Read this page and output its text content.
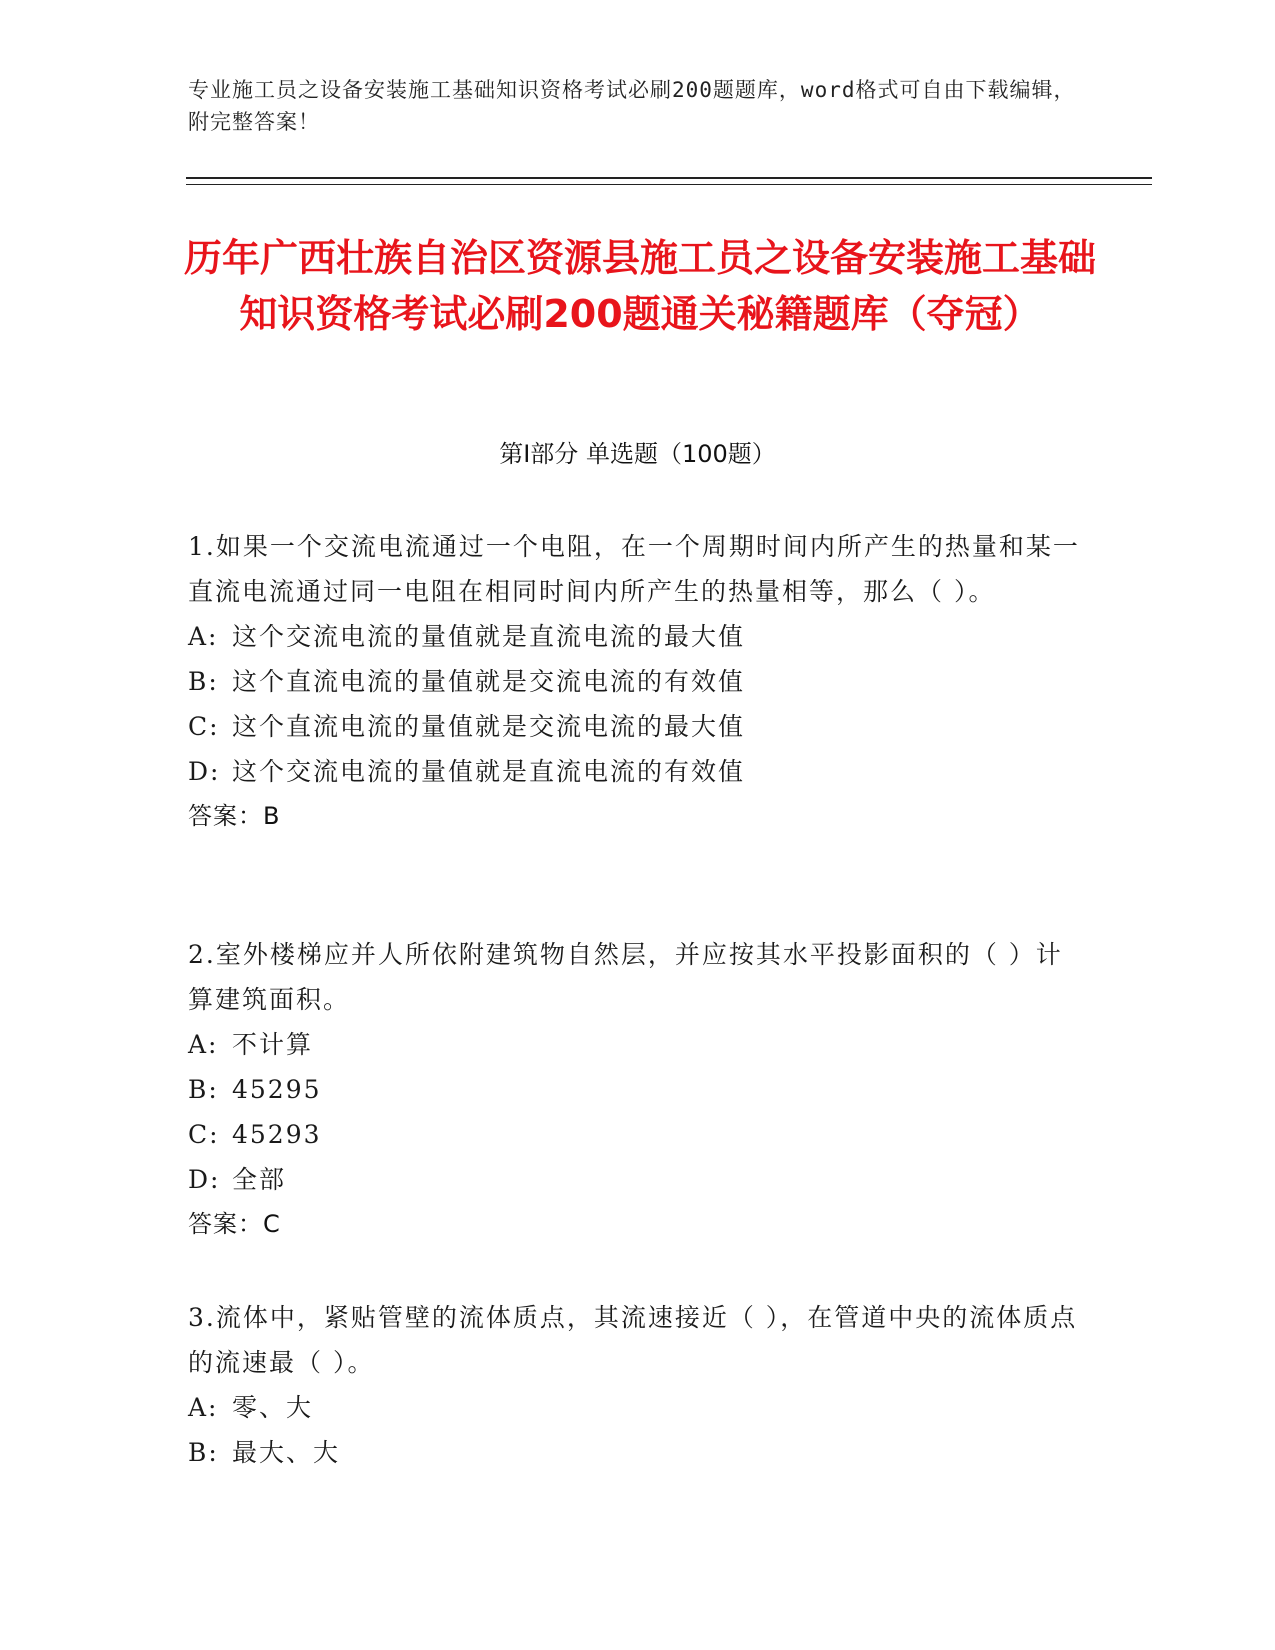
专业施工员之设备安装施工基础知识资格考试必刷200题题库，word格式可自由下载编辑，附完整答案！
历年广西壮族自治区资源县施工员之设备安装施工基础知识资格考试必刷200题通关秘籍题库（夺冠）
第Ⅰ部分 单选题（100题）
1.如果一个交流电流通过一个电阻，在一个周期时间内所产生的热量和某一直流电流通过同一电阻在相同时间内所产生的热量相等，那么（ ）。
A: 这个交流电流的量值就是直流电流的最大值
B: 这个直流电流的量值就是交流电流的有效值
C: 这个直流电流的量值就是交流电流的最大值
D: 这个交流电流的量值就是直流电流的有效值
答案：B
2.室外楼梯应并人所依附建筑物自然层，并应按其水平投影面积的（ ）计算建筑面积。
A: 不计算
B: 45295
C: 45293
D: 全部
答案：C
3.流体中，紧贴管壁的流体质点，其流速接近（ ），在管道中央的流体质点的流速最（ ）。
A: 零、大
B: 最大、大
